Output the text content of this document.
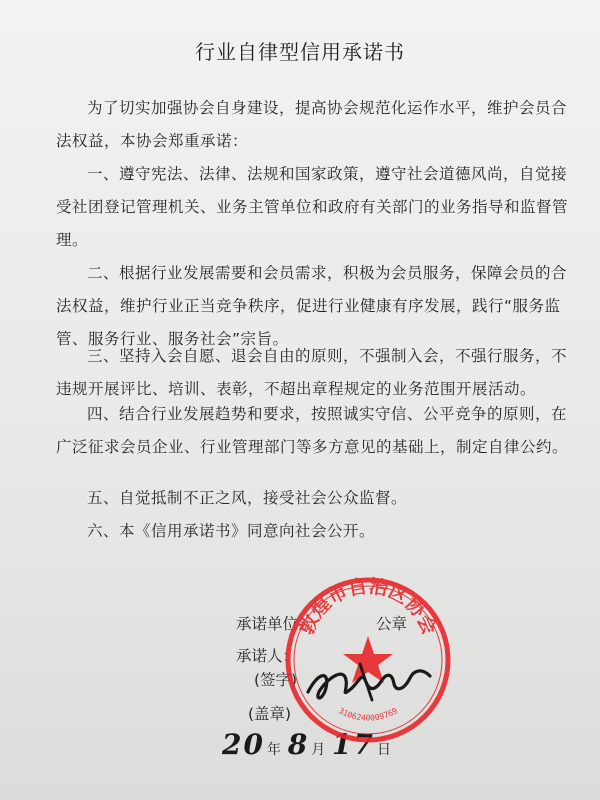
行业自律型信用承诺书

为了切实加强协会自身建设，提高协会规范化运作水平，维护会员合法权益，本协会郑重承诺：

一、遵守宪法、法律、法规和国家政策，遵守社会道德风尚，自觉接受社团登记管理机关、业务主管单位和政府有关部门的业务指导和监督管理。

二、根据行业发展需要和会员需求，积极为会员服务，保障会员的合法权益，维护行业正当竞争秩序，促进行业健康有序发展，践行“服务监管、服务行业、服务社会”宗旨。

三、坚持入会自愿、退会自由的原则，不强制入会，不强行服务，不违规开展评比、培训、表彰，不超出章程规定的业务范围开展活动。

四、结合行业发展趋势和要求，按照诚实守信、公平竞争的原则，在广泛征求会员企业、行业管理部门等多方意见的基础上，制定自律公约。

五、自觉抵制不正之风，接受社会公众监督。

六、本《信用承诺书》同意向社会公开。

承诺单位	公章
承诺人：
(签字)
(盖章)
20 年 8 月 17 日
敦煌市自治区协会
3106240009769
